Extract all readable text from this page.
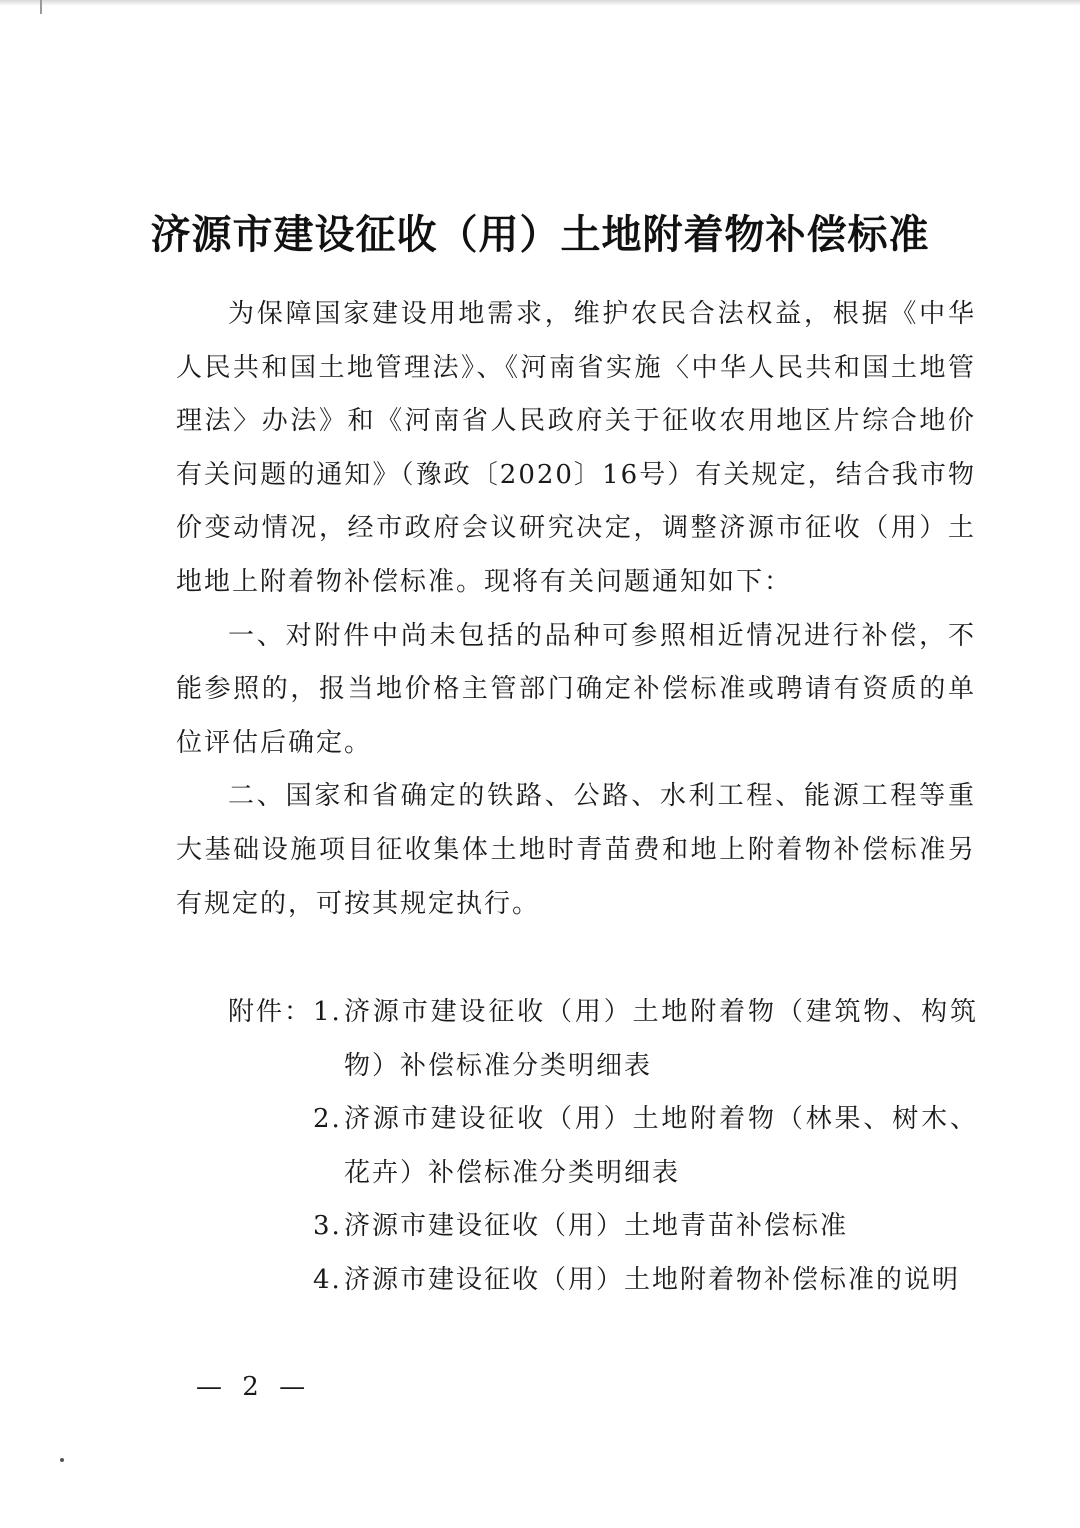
济源市建设征收（用）土地附着物补偿标准

为保障国家建设用地需求，维护农民合法权益，根据《中华人民共和国土地管理法》、《河南省实施〈中华人民共和国土地管理法〉办法》和《河南省人民政府关于征收农用地区片综合地价有关问题的通知》（豫政〔2020〕16号）有关规定，结合我市物价变动情况，经市政府会议研究决定，调整济源市征收（用）土地地上附着物补偿标准。现将有关问题通知如下：

一、对附件中尚未包括的品种可参照相近情况进行补偿，不能参照的，报当地价格主管部门确定补偿标准或聘请有资质的单位评估后确定。

二、国家和省确定的铁路、公路、水利工程、能源工程等重大基础设施项目征收集体土地时青苗费和地上附着物补偿标准另有规定的，可按其规定执行。

附件： 1. 济源市建设征收（用）土地附着物（建筑物、构筑物）补偿标准分类明细表
2. 济源市建设征收（用）土地附着物（林果、树木、花卉）补偿标准分类明细表
3. 济源市建设征收（用）土地青苗补偿标准
4. 济源市建设征收（用）土地附着物补偿标准的说明
— 2 —
